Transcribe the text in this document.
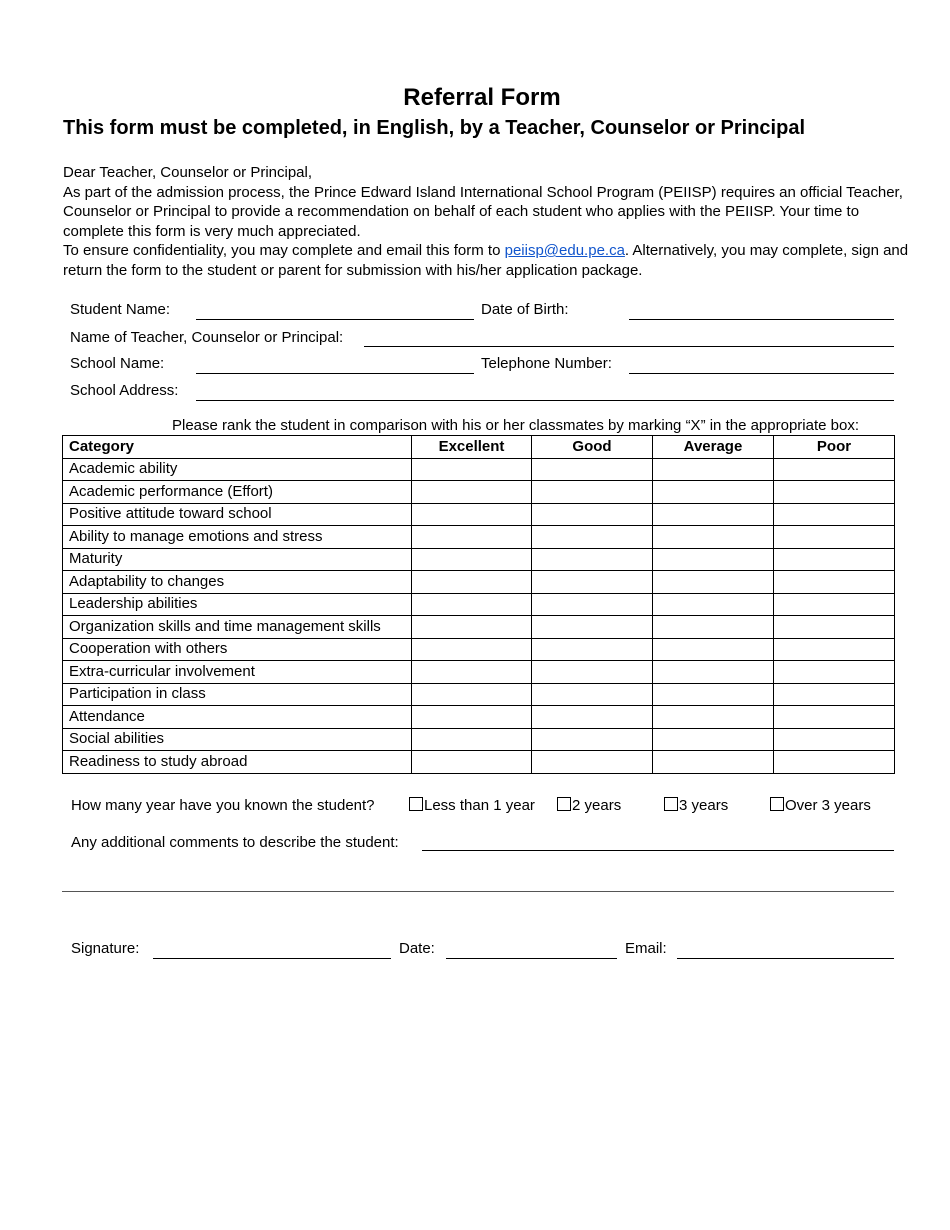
Referral Form
This form must be completed, in English, by a Teacher, Counselor or Principal

Dear Teacher, Counselor or Principal,

As part of the admission process, the Prince Edward Island International School Program (PEIISP) requires an official Teacher, Counselor or Principal to provide a recommendation on behalf of each student who applies with the PEIISP. Your time to complete this form is very much appreciated.

To ensure confidentiality, you may complete and email this form to peiisp@edu.pe.ca. Alternatively, you may complete, sign and return the form to the student or parent for submission with his/her application package.

Student Name:	Date of Birth:
Name of Teacher, Counselor or Principal:
School Name:	Telephone Number:
School Address:
Please rank the student in comparison with his or her classmates by marking “X” in the appropriate box:
Category	Excellent	Good	Average	Poor
Academic ability				
Academic performance (Effort)				
Positive attitude toward school				
Ability to manage emotions and stress				
Maturity				
Adaptability to changes				
Leadership abilities				
Organization skills and time management skills				
Cooperation with others				
Extra-curricular involvement				
Participation in class				
Attendance				
Social abilities				
Readiness to study abroad				
How many year have you known the student?	Less than 1 year	2 years	3 years	Over 3 years
Any additional comments to describe the student:
Signature:	Date:	Email:
